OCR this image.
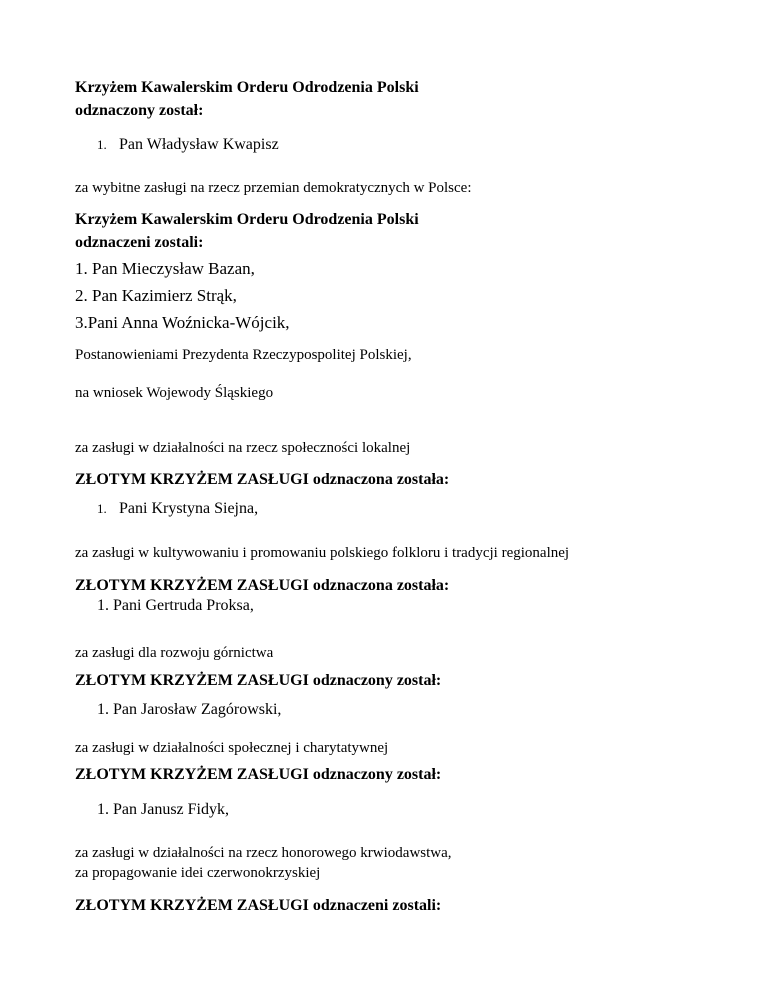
Krzyżem Kawalerskim Orderu Odrodzenia Polski
odznaczony został:
1. Pan Władysław Kwapisz
za wybitne zasługi na rzecz przemian demokratycznych w Polsce:
Krzyżem Kawalerskim Orderu Odrodzenia Polski
odznaczeni zostali:
1. Pan Mieczysław Bazan,
2. Pan Kazimierz Strąk,
3.Pani Anna Woźnicka-Wójcik,
Postanowieniami Prezydenta Rzeczypospolitej Polskiej,
na wniosek Wojewody Śląskiego
za zasługi w działalności na rzecz społeczności lokalnej
ZŁOTYM KRZYŻEM ZASŁUGI odznaczona została:
1. Pani Krystyna Siejna,
za zasługi w kultywowaniu i promowaniu polskiego folkloru i tradycji regionalnej
ZŁOTYM KRZYŻEM ZASŁUGI odznaczona została:
1. Pani Gertruda Proksa,
za zasługi dla rozwoju górnictwa
ZŁOTYM KRZYŻEM ZASŁUGI odznaczony został:
1. Pan Jarosław Zagórowski,
za zasługi w działalności społecznej i charytatywnej
ZŁOTYM KRZYŻEM ZASŁUGI odznaczony został:
1. Pan Janusz Fidyk,
za zasługi w działalności na rzecz honorowego krwiodawstwa,
za propagowanie idei czerwonokrzyskiej
ZŁOTYM KRZYŻEM ZASŁUGI odznaczeni zostali:
